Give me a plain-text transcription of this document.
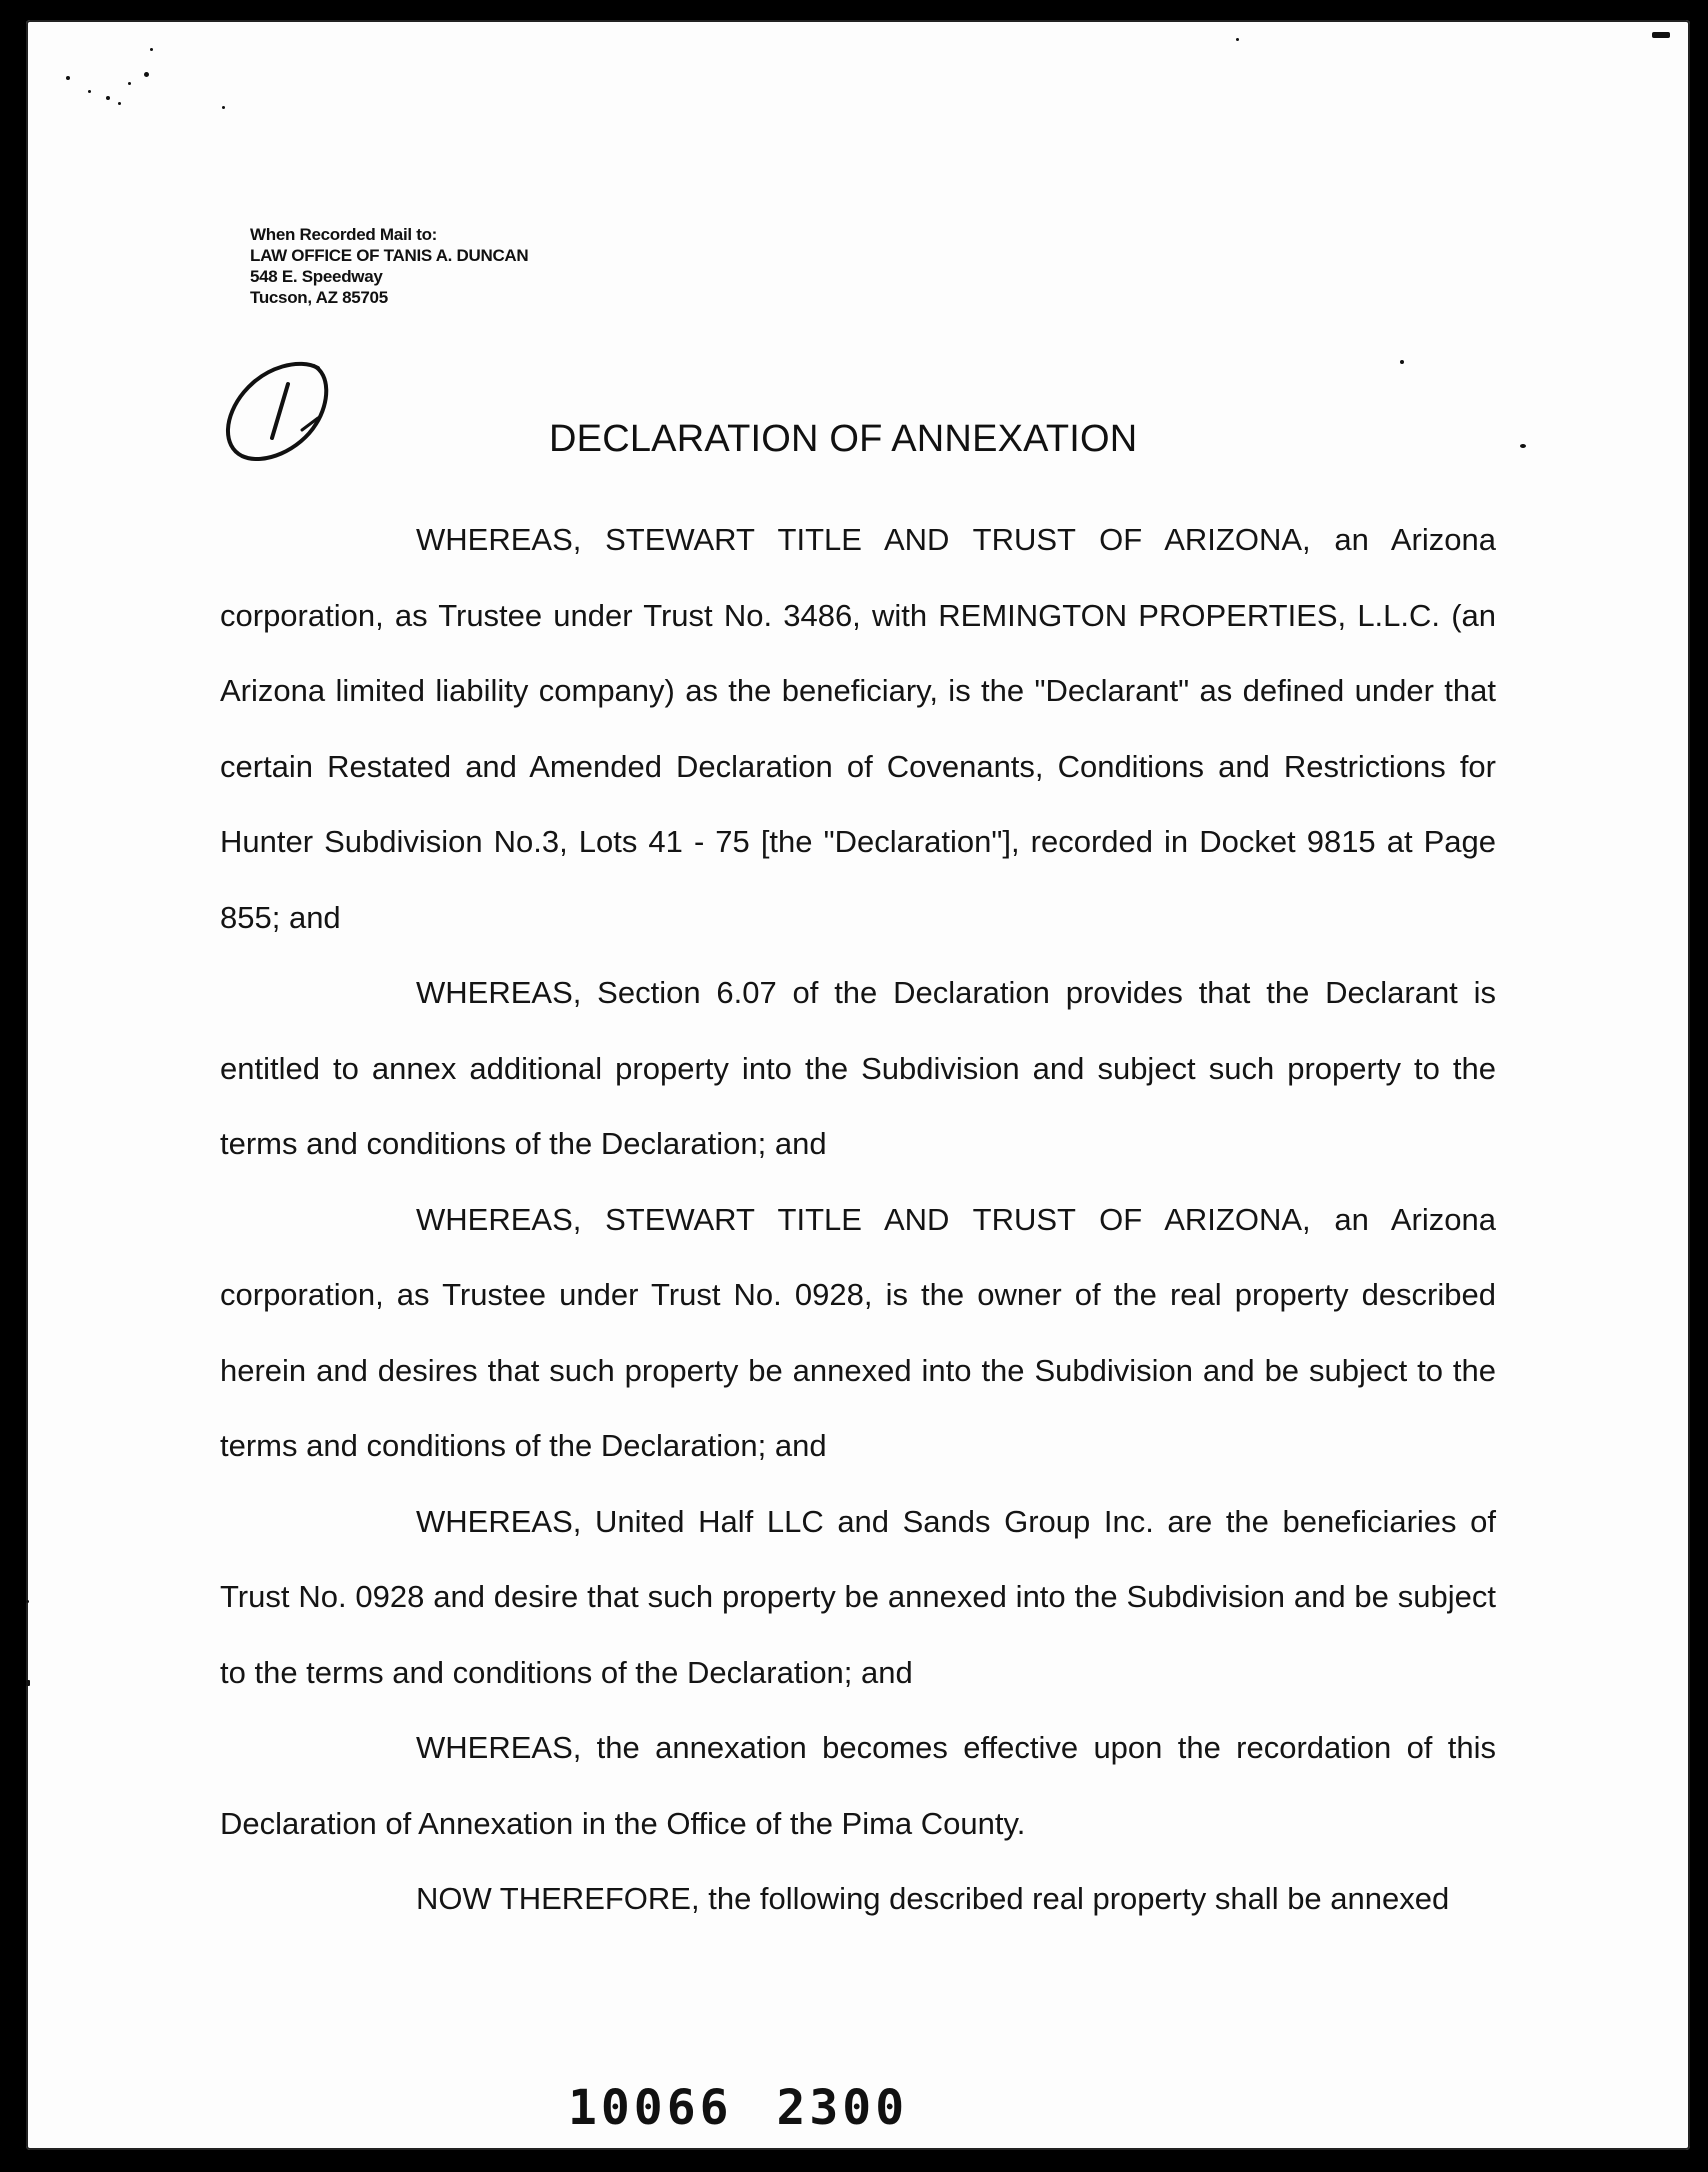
When Recorded Mail to:
LAW OFFICE OF TANIS A. DUNCAN
548 E. Speedway
Tucson, AZ 85705
DECLARATION OF ANNEXATION

WHEREAS, STEWART TITLE AND TRUST OF ARIZONA, an Arizona corporation, as Trustee under Trust No. 3486, with REMINGTON PROPERTIES, L.L.C. (an Arizona limited liability company) as the beneficiary, is the "Declarant" as defined under that certain Restated and Amended Declaration of Covenants, Conditions and Restrictions for Hunter Subdivision No.3, Lots 41 - 75 [the "Declaration"], recorded in Docket 9815 at Page 855; and

WHEREAS, Section 6.07 of the Declaration provides that the Declarant is entitled to annex additional property into the Subdivision and subject such property to the terms and conditions of the Declaration; and

WHEREAS, STEWART TITLE AND TRUST OF ARIZONA, an Arizona corporation, as Trustee under Trust No. 0928, is the owner of the real property described herein and desires that such property be annexed into the Subdivision and be subject to the terms and conditions of the Declaration; and

WHEREAS, United Half LLC and Sands Group Inc. are the beneficiaries of Trust No. 0928 and desire that such property be annexed into the Subdivision and be subject to the terms and conditions of the Declaration; and

WHEREAS, the annexation becomes effective upon the recordation of this Declaration of Annexation in the Office of the Pima County.

NOW THEREFORE, the following described real property shall be annexed

10066 2300
